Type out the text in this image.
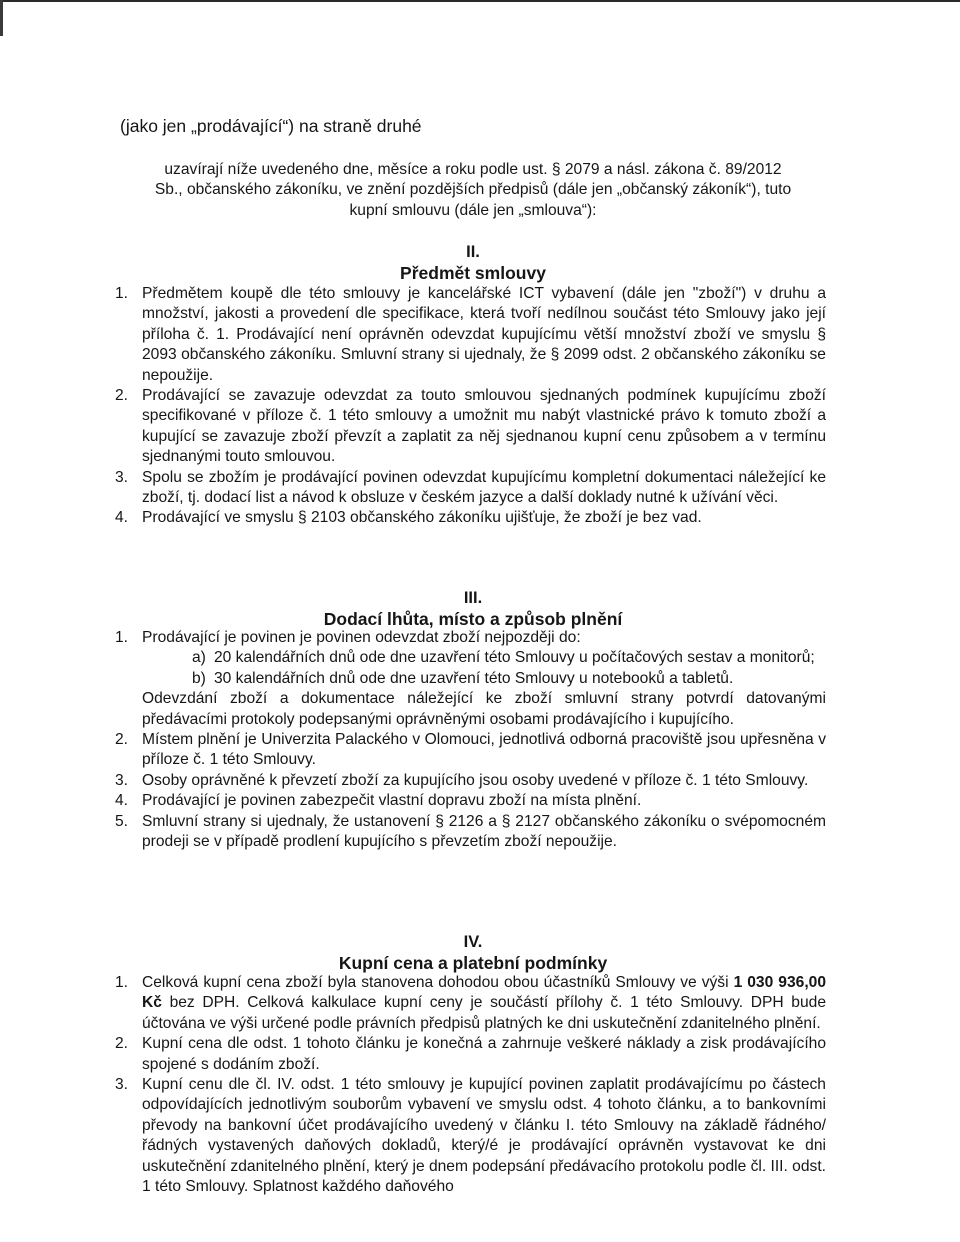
(jako jen „prodávající“) na straně druhé
uzavírají níže uvedeného dne, měsíce a roku podle ust. § 2079 a násl. zákona č. 89/2012
Sb., občanského zákoníku, ve znění pozdějších předpisů (dále jen „občanský zákoník“), tuto
kupní smlouvu (dále jen „smlouva“):
II.
Předmět smlouvy
1. Předmětem koupě dle této smlouvy je kancelářské ICT vybavení (dále jen "zboží") v druhu a množství, jakosti a provedení dle specifikace, která tvoří nedílnou součást této Smlouvy jako její příloha č. 1. Prodávající není oprávněn odevzdat kupujícímu větší množství zboží ve smyslu § 2093 občanského zákoníku. Smluvní strany si ujednaly, že § 2099 odst. 2 občanského zákoníku se nepoužije.
2. Prodávající se zavazuje odevzdat za touto smlouvou sjednaných podmínek kupujícímu zboží specifikované v příloze č. 1 této smlouvy a umožnit mu nabýt vlastnické právo k tomuto zboží a kupující se zavazuje zboží převzít a zaplatit za něj sjednanou kupní cenu způsobem a v termínu sjednanými touto smlouvou.
3. Spolu se zbožím je prodávající povinen odevzdat kupujícímu kompletní dokumentaci náležející ke zboží, tj. dodací list a návod k obsluze v českém jazyce a další doklady nutné k užívání věci.
4. Prodávající ve smyslu § 2103 občanského zákoníku ujišťuje, že zboží je bez vad.
III.
Dodací lhůta, místo a způsob plnění
1. Prodávající je povinen je povinen odevzdat zboží nejpozději do:
a) 20 kalendářních dnů ode dne uzavření této Smlouvy u počítačových sestav a monitorů;
b) 30 kalendářních dnů ode dne uzavření této Smlouvy u notebooků a tabletů.
Odevzdání zboží a dokumentace náležející ke zboží smluvní strany potvrdí datovanými předávacími protokoly podepsanými oprávněnými osobami prodávajícího i kupujícího.
2. Místem plnění je Univerzita Palackého v Olomouci, jednotlivá odborná pracoviště jsou upřesněna v příloze č. 1 této Smlouvy.
3. Osoby oprávněné k převzetí zboží za kupujícího jsou osoby uvedené v příloze č. 1 této Smlouvy.
4. Prodávající je povinen zabezpečit vlastní dopravu zboží na místa plnění.
5. Smluvní strany si ujednaly, že ustanovení § 2126 a § 2127 občanského zákoníku o svépomocném prodeji se v případě prodlení kupujícího s převzetím zboží nepoužije.
IV.
Kupní cena a platební podmínky
1. Celková kupní cena zboží byla stanovena dohodou obou účastníků Smlouvy ve výši 1 030 936,00 Kč bez DPH. Celková kalkulace kupní ceny je součástí přílohy č. 1 této Smlouvy. DPH bude účtována ve výši určené podle právních předpisů platných ke dni uskutečnění zdanitelného plnění.
2. Kupní cena dle odst. 1 tohoto článku je konečná a zahrnuje veškeré náklady a zisk prodávajícího spojené s dodáním zboží.
3. Kupní cenu dle čl. IV. odst. 1 této smlouvy je kupující povinen zaplatit prodávajícímu po částech odpovídajících jednotlivým souborům vybavení ve smyslu odst. 4 tohoto článku, a to bankovními převody na bankovní účet prodávajícího uvedený v článku I. této Smlouvy na základě řádného/řádných vystavených daňových dokladů, který/é je prodávající oprávněn vystavovat ke dni uskutečnění zdanitelného plnění, který je dnem podepsání předávacího protokolu podle čl. III. odst. 1 této Smlouvy. Splatnost každého daňového
